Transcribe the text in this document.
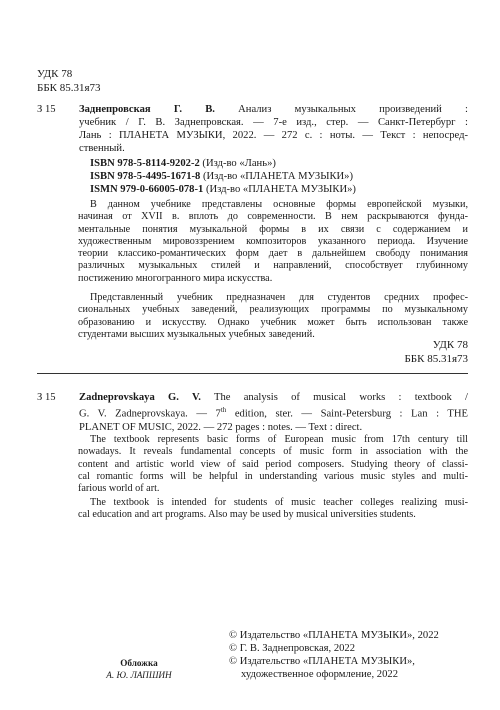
УДК 78
ББК 85.31я73
З 15 Заднепровская Г. В. Анализ музыкальных произведений :
учебник / Г. В. Заднепровская. — 7-е изд., стер. — Санкт-Петербург :
Лань : ПЛАНЕТА МУЗЫКИ, 2022. — 272 с. : ноты. — Текст : непосред-
ственный.
ISBN 978-5-8114-9202-2 (Изд-во «Лань»)
ISBN 978-5-4495-1671-8 (Изд-во «ПЛАНЕТА МУЗЫКИ»)
ISMN 979-0-66005-078-1 (Изд-во «ПЛАНЕТА МУЗЫКИ»)
В данном учебнике представлены основные формы европейской музыки,
начиная от XVII в. вплоть до современности. В нем раскрываются фунда-
ментальные понятия музыкальной формы в их связи с содержанием и
художественным мировоззрением композиторов указанного периода. Изучение
теории классико-романтических форм дает в дальнейшем свободу понимания
различных музыкальных стилей и направлений, способствует глубинному
постижению многогранного мира искусства.
Представленный учебник предназначен для студентов средних профес-
сиональных учебных заведений, реализующих программы по музыкальному
образованию и искусству. Однако учебник может быть использован также
студентами высших музыкальных учебных заведений.
УДК 78
ББК 85.31я73
З 15 Zadneprovskaya G. V. The analysis of musical works : textbook /
G. V. Zadneprovskaya. — 7th edition, ster. — Saint-Petersburg : Lan : THE
PLANET OF MUSIC, 2022. — 272 pages : notes. — Text : direct.
The textbook represents basic forms of European music from 17th century till
nowadays. It reveals fundamental concepts of music form in association with the
content and artistic world view of said period composers. Studying theory of classi-
cal romantic forms will be helpful in understanding various music styles and multi-
farious world of art.
The textbook is intended for students of music teacher colleges realizing musi-
cal education and art programs. Also may be used by musical universities students.
© Издательство «ПЛАНЕТА МУЗЫКИ», 2022
© Г. В. Заднепровская, 2022
© Издательство «ПЛАНЕТА МУЗЫКИ»,
художественное оформление, 2022
Обложка
А. Ю. ЛАПШИН
